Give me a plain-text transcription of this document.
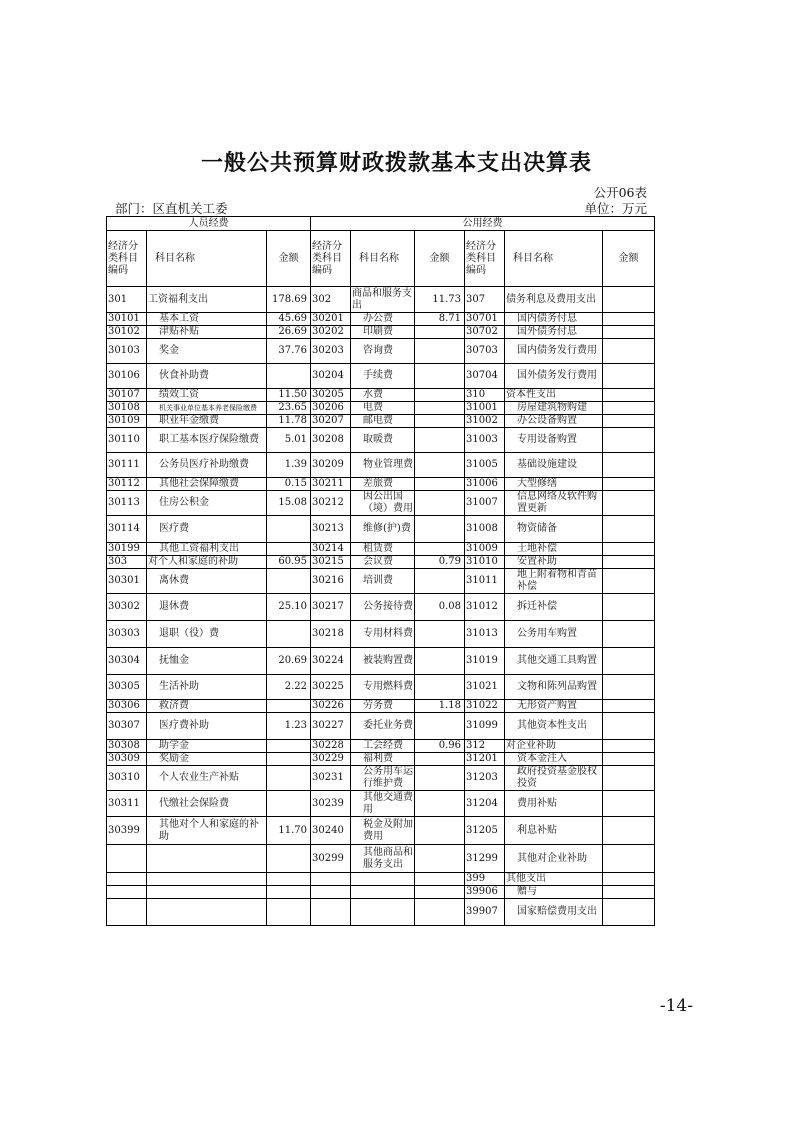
一般公共预算财政拨款基本支出决算表
公开06表
部门：区直机关工委	单位：万元
人员经费			公用经费					
经济分类科目编码	科目名称	金额	经济分类科目编码	科目名称	金额	经济分类科目编码	科目名称	金额
301	工资福利支出	178.69	302	商品和服务支出	11.73	307	债务利息及费用支出	
30101	基本工资	45.69	30201	办公费	8.71	30701	国内债务付息	
30102	津贴补贴	26.69	30202	印刷费		30702	国外债务付息	
30103	奖金	37.76	30203	咨询费		30703	国内债务发行费用	
30106	伙食补助费		30204	手续费		30704	国外债务发行费用	
30107	绩效工资	11.50	30205	水费		310	资本性支出	
30108	机关事业单位基本养老保险缴费	23.65	30206	电费		31001	房屋建筑物购建	
30109	职业年金缴费	11.78	30207	邮电费		31002	办公设备购置	
30110	职工基本医疗保险缴费	5.01	30208	取暖费		31003	专用设备购置	
30111	公务员医疗补助缴费	1.39	30209	物业管理费		31005	基础设施建设	
30112	其他社会保障缴费	0.15	30211	差旅费		31006	大型修缮	
30113	住房公积金	15.08	30212	因公出国（境）费用		31007	信息网络及软件购置更新	
30114	医疗费		30213	维修(护)费		31008	物资储备	
30199	其他工资福利支出		30214	租赁费		31009	土地补偿	
303	对个人和家庭的补助	60.95	30215	会议费	0.79	31010	安置补助	
30301	离休费		30216	培训费		31011	地上附着物和青苗补偿	
30302	退休费	25.10	30217	公务接待费	0.08	31012	拆迁补偿	
30303	退职（役）费		30218	专用材料费		31013	公务用车购置	
30304	抚恤金	20.69	30224	被装购置费		31019	其他交通工具购置	
30305	生活补助	2.22	30225	专用燃料费		31021	文物和陈列品购置	
30306	救济费		30226	劳务费	1.18	31022	无形资产购置	
30307	医疗费补助	1.23	30227	委托业务费		31099	其他资本性支出	
30308	助学金		30228	工会经费	0.96	312	对企业补助	
30309	奖励金		30229	福利费		31201	资本金注入	
30310	个人农业生产补贴		30231	公务用车运行维护费		31203	政府投资基金股权投资	
30311	代缴社会保险费		30239	其他交通费用		31204	费用补贴	
30399	其他对个人和家庭的补助	11.70	30240	税金及附加费用		31205	利息补贴	
			30299	其他商品和服务支出		31299	其他对企业补助	
						399	其他支出	
						39906	赠与	
						39907	国家赔偿费用支出	
-14-
